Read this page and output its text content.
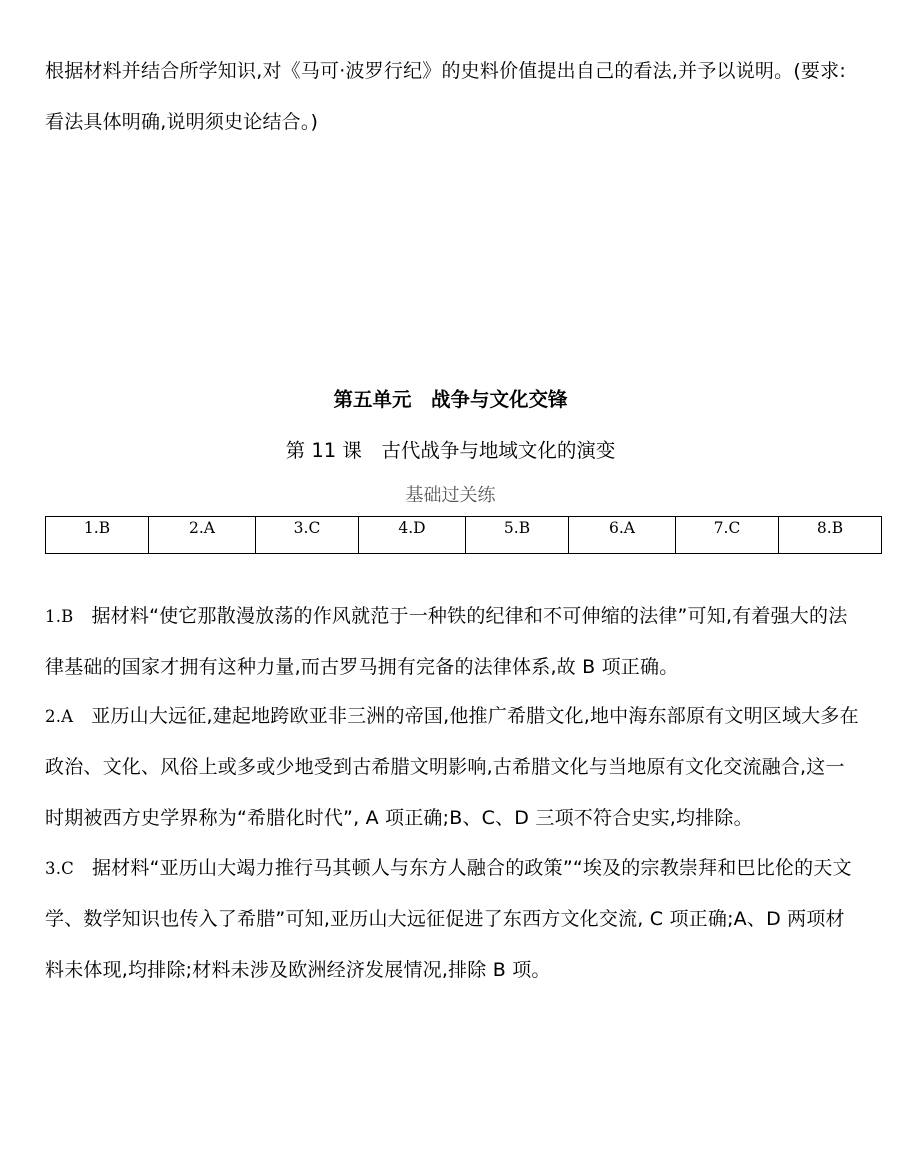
根据材料并结合所学知识,对《马可·波罗行纪》的史料价值提出自己的看法,并予以说明。(要求:看法具体明确,说明须史论结合。)

第五单元　战争与文化交锋
第 11 课　古代战争与地域文化的演变
基础过关练
1.B	2.A	3.C	4.D	5.B	6.A	7.C	8.B

1.B 据材料“使它那散漫放荡的作风就范于一种铁的纪律和不可伸缩的法律”可知,有着强大的法律基础的国家才拥有这种力量,而古罗马拥有完备的法律体系,故 B 项正确。

2.A 亚历山大远征,建起地跨欧亚非三洲的帝国,他推广希腊文化,地中海东部原有文明区域大多在政治、文化、风俗上或多或少地受到古希腊文明影响,古希腊文化与当地原有文化交流融合,这一时期被西方史学界称为“希腊化时代”, A 项正确;B、C、D 三项不符合史实,均排除。

3.C 据材料“亚历山大竭力推行马其顿人与东方人融合的政策”“埃及的宗教崇拜和巴比伦的天文学、数学知识也传入了希腊”可知,亚历山大远征促进了东西方文化交流, C 项正确;A、D 两项材料未体现,均排除;材料未涉及欧洲经济发展情况,排除 B 项。
